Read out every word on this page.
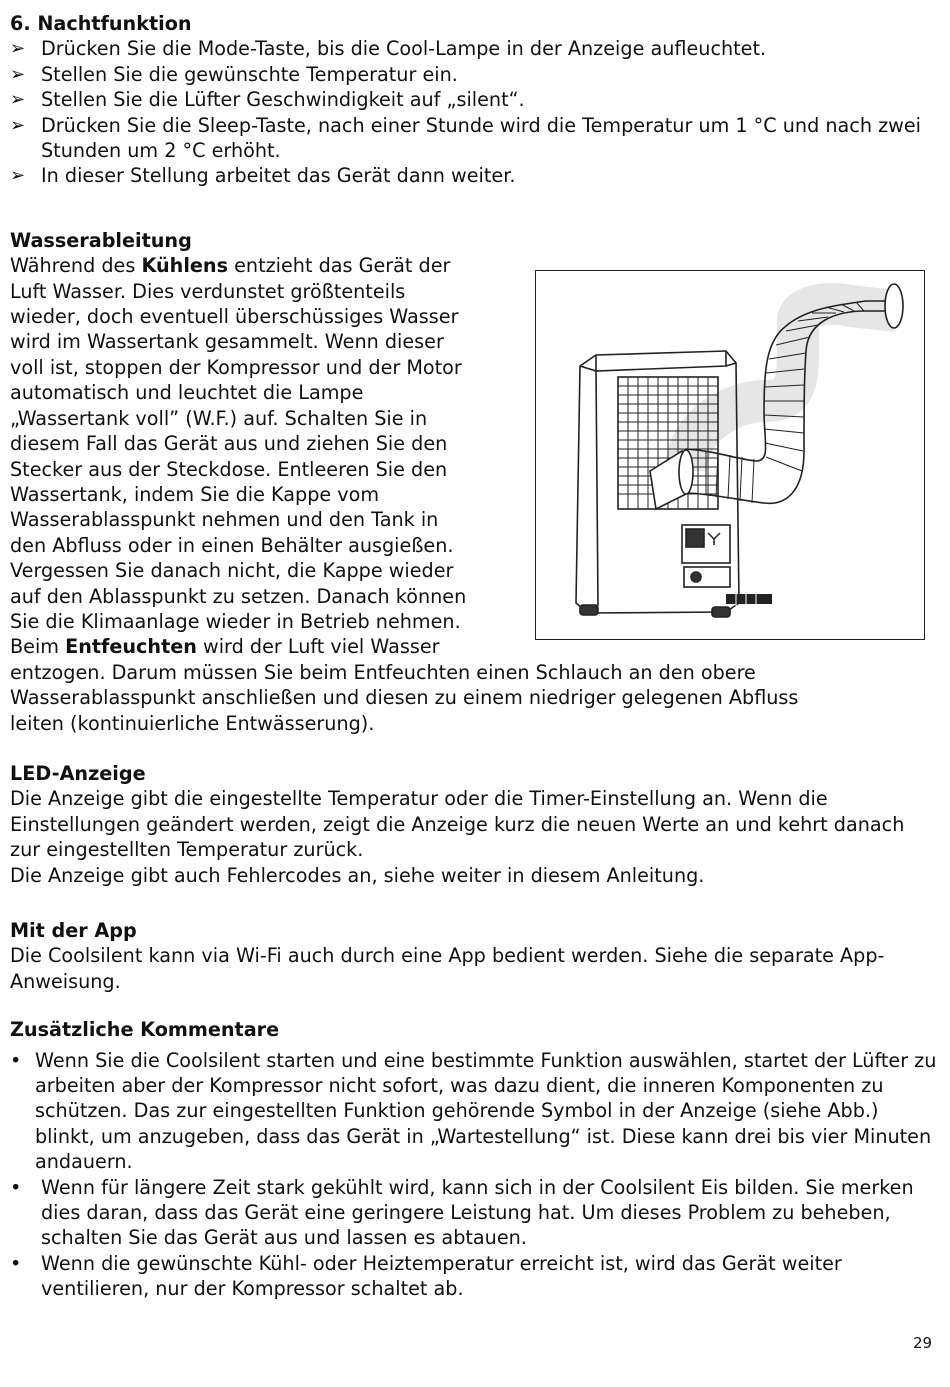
6. Nachtfunktion

➢ Drücken Sie die Mode-Taste, bis die Cool-Lampe in der Anzeige aufleuchtet.
➢ Stellen Sie die gewünschte Temperatur ein.
➢ Stellen Sie die Lüfter Geschwindigkeit auf „silent“.
➢ Drücken Sie die Sleep-Taste, nach einer Stunde wird die Temperatur um 1 °C und nach zwei Stunden um 2 °C erhöht.
➢ In dieser Stellung arbeitet das Gerät dann weiter.

Wasserableitung

Während des Kühlens entzieht das Gerät der
Luft Wasser. Dies verdunstet größtenteils
wieder, doch eventuell überschüssiges Wasser
wird im Wassertank gesammelt. Wenn dieser
voll ist, stoppen der Kompressor und der Motor
automatisch und leuchtet die Lampe
„Wassertank voll” (W.F.) auf. Schalten Sie in
diesem Fall das Gerät aus und ziehen Sie den
Stecker aus der Steckdose. Entleeren Sie den
Wassertank, indem Sie die Kappe vom
Wasserablasspunkt nehmen und den Tank in
den Abfluss oder in einen Behälter ausgießen.
Vergessen Sie danach nicht, die Kappe wieder
auf den Ablasspunkt zu setzen. Danach können
Sie die Klimaanlage wieder in Betrieb nehmen.
Beim Entfeuchten wird der Luft viel Wasser
entzogen. Darum müssen Sie beim Entfeuchten einen Schlauch an den obere
Wasserablasspunkt anschließen und diesen zu einem niedriger gelegenen Abfluss
leiten (kontinuierliche Entwässerung).

LED-Anzeige

Die Anzeige gibt die eingestellte Temperatur oder die Timer-Einstellung an. Wenn die Einstellungen geändert werden, zeigt die Anzeige kurz die neuen Werte an und kehrt danach zur eingestellten Temperatur zurück.

Die Anzeige gibt auch Fehlercodes an, siehe weiter in diesem Anleitung.

Mit der App

Die Coolsilent kann via Wi-Fi auch durch eine App bedient werden. Siehe die separate App-Anweisung.

Zusätzliche Kommentare

• Wenn Sie die Coolsilent starten und eine bestimmte Funktion auswählen, startet der Lüfter zu arbeiten aber der Kompressor nicht sofort, was dazu dient, die inneren Komponenten zu schützen. Das zur eingestellten Funktion gehörende Symbol in der Anzeige (siehe Abb.) blinkt, um anzugeben, dass das Gerät in „Wartestellung“ ist. Diese kann drei bis vier Minuten andauern.
• Wenn für längere Zeit stark gekühlt wird, kann sich in der Coolsilent Eis bilden. Sie merken dies daran, dass das Gerät eine geringere Leistung hat. Um dieses Problem zu beheben, schalten Sie das Gerät aus und lassen es abtauen.
• Wenn die gewünschte Kühl- oder Heiztemperatur erreicht ist, wird das Gerät weiter ventilieren, nur der Kompressor schaltet ab.
29
